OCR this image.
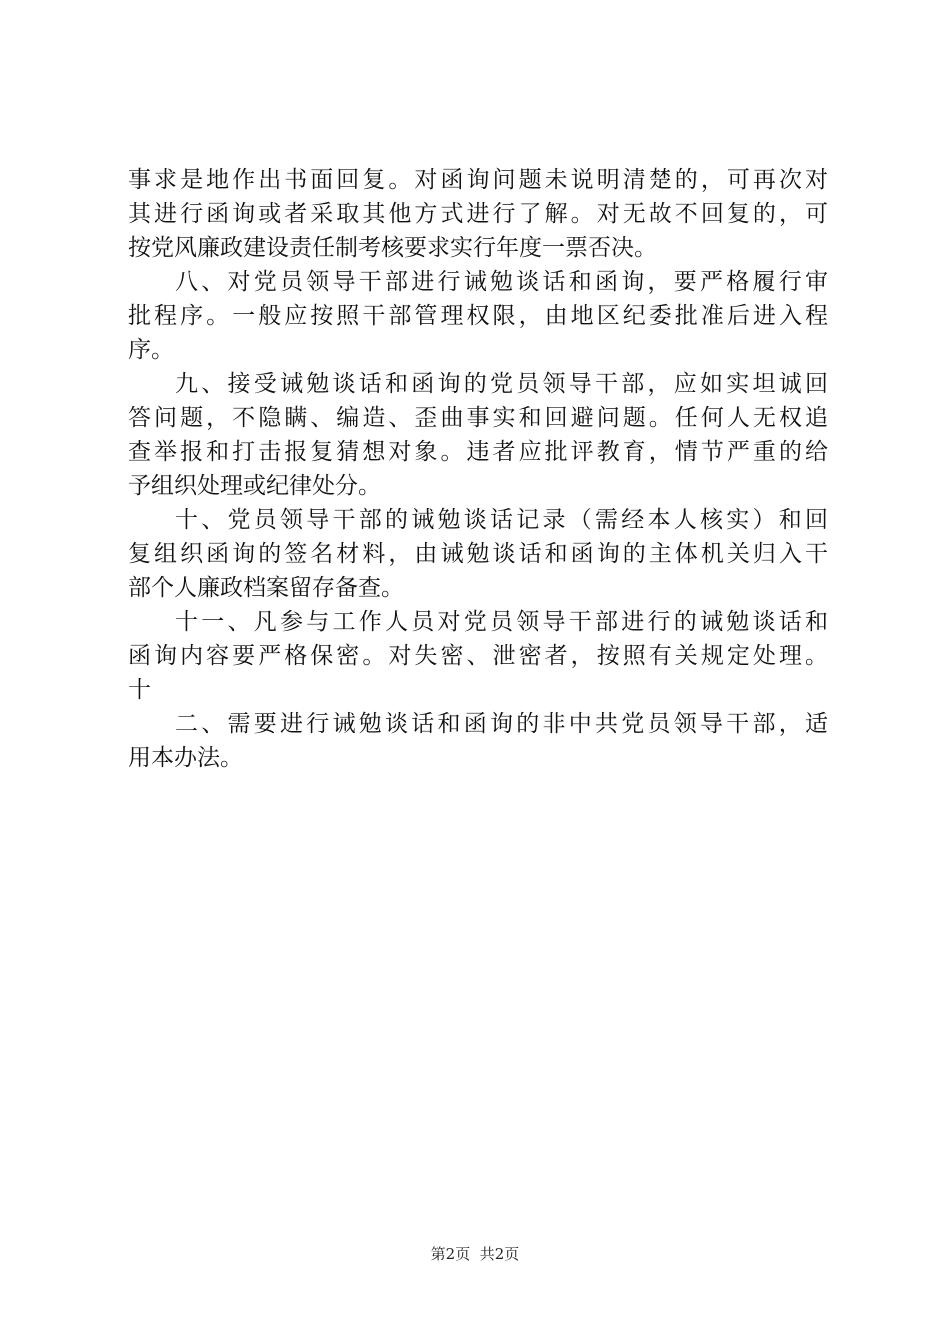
事求是地作出书面回复。对函询问题未说明清楚的，可再次对
其进行函询或者采取其他方式进行了解。对无故不回复的，可
按党风廉政建设责任制考核要求实行年度一票否决。
八、对党员领导干部进行诫勉谈话和函询，要严格履行审
批程序。一般应按照干部管理权限，由地区纪委批准后进入程
序。
九、接受诫勉谈话和函询的党员领导干部，应如实坦诚回
答问题，不隐瞒、编造、歪曲事实和回避问题。任何人无权追
查举报和打击报复猜想对象。违者应批评教育，情节严重的给
予组织处理或纪律处分。
十、党员领导干部的诫勉谈话记录（需经本人核实）和回
复组织函询的签名材料，由诫勉谈话和函询的主体机关归入干
部个人廉政档案留存备查。
十一、凡参与工作人员对党员领导干部进行的诫勉谈话和
函询内容要严格保密。对失密、泄密者，按照有关规定处理。
十
二、需要进行诫勉谈话和函询的非中共党员领导干部，适
用本办法。
第2页 共2页
